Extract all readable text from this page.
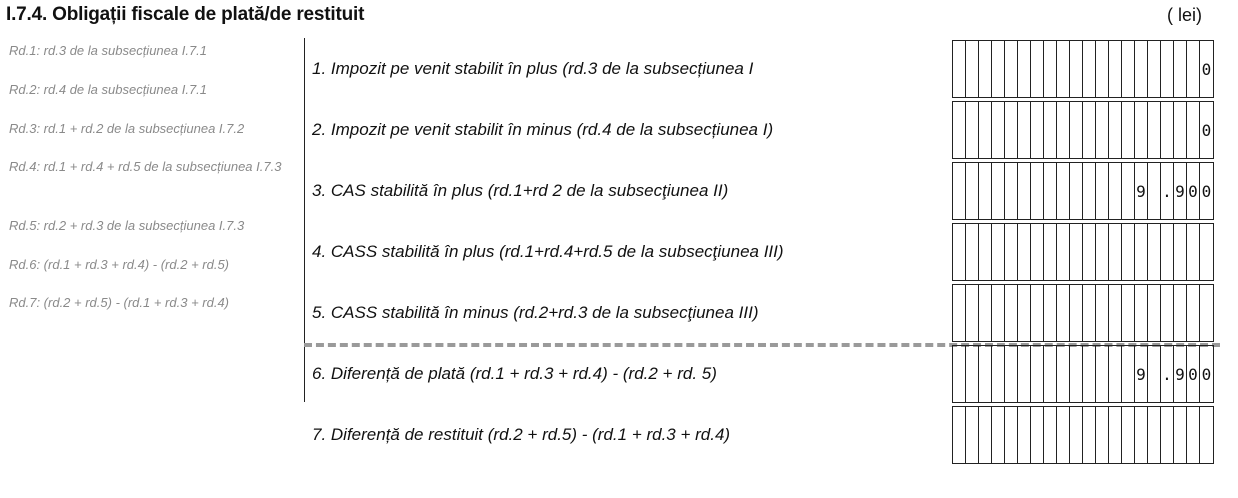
I.7.4. Obligații fiscale de plată/de restituit	( lei)
Rd.1: rd.3 de la subsecțiunea I.7.1
Rd.2: rd.4 de la subsecțiunea I.7.1
Rd.3: rd.1 + rd.2 de la subsecțiunea I.7.2
Rd.4: rd.1 + rd.4 + rd.5 de la subsecțiunea I.7.3
Rd.5: rd.2 + rd.3 de la subsecțiunea I.7.3
Rd.6: (rd.1 + rd.3 + rd.4) - (rd.2 + rd.5)
Rd.7: (rd.2 + rd.5) - (rd.1 + rd.3 + rd.4)
1. Impozit pe venit stabilit în plus (rd.3 de la subsecțiunea I	0
2. Impozit pe venit stabilit în minus (rd.4 de la subsecțiunea I)	0
3. CAS stabilită în plus (rd.1+rd 2 de la subsecţiunea II)	9 . 9 0 0
4. CASS stabilită în plus (rd.1+rd.4+rd.5 de la subsecţiunea III)
5. CASS stabilită în minus (rd.2+rd.3 de la subsecţiunea III)
6. Diferență de plată (rd.1 + rd.3 + rd.4) - (rd.2 + rd. 5)	9 . 9 0 0
7. Diferență de restituit (rd.2 + rd.5) - (rd.1 + rd.3 + rd.4)
